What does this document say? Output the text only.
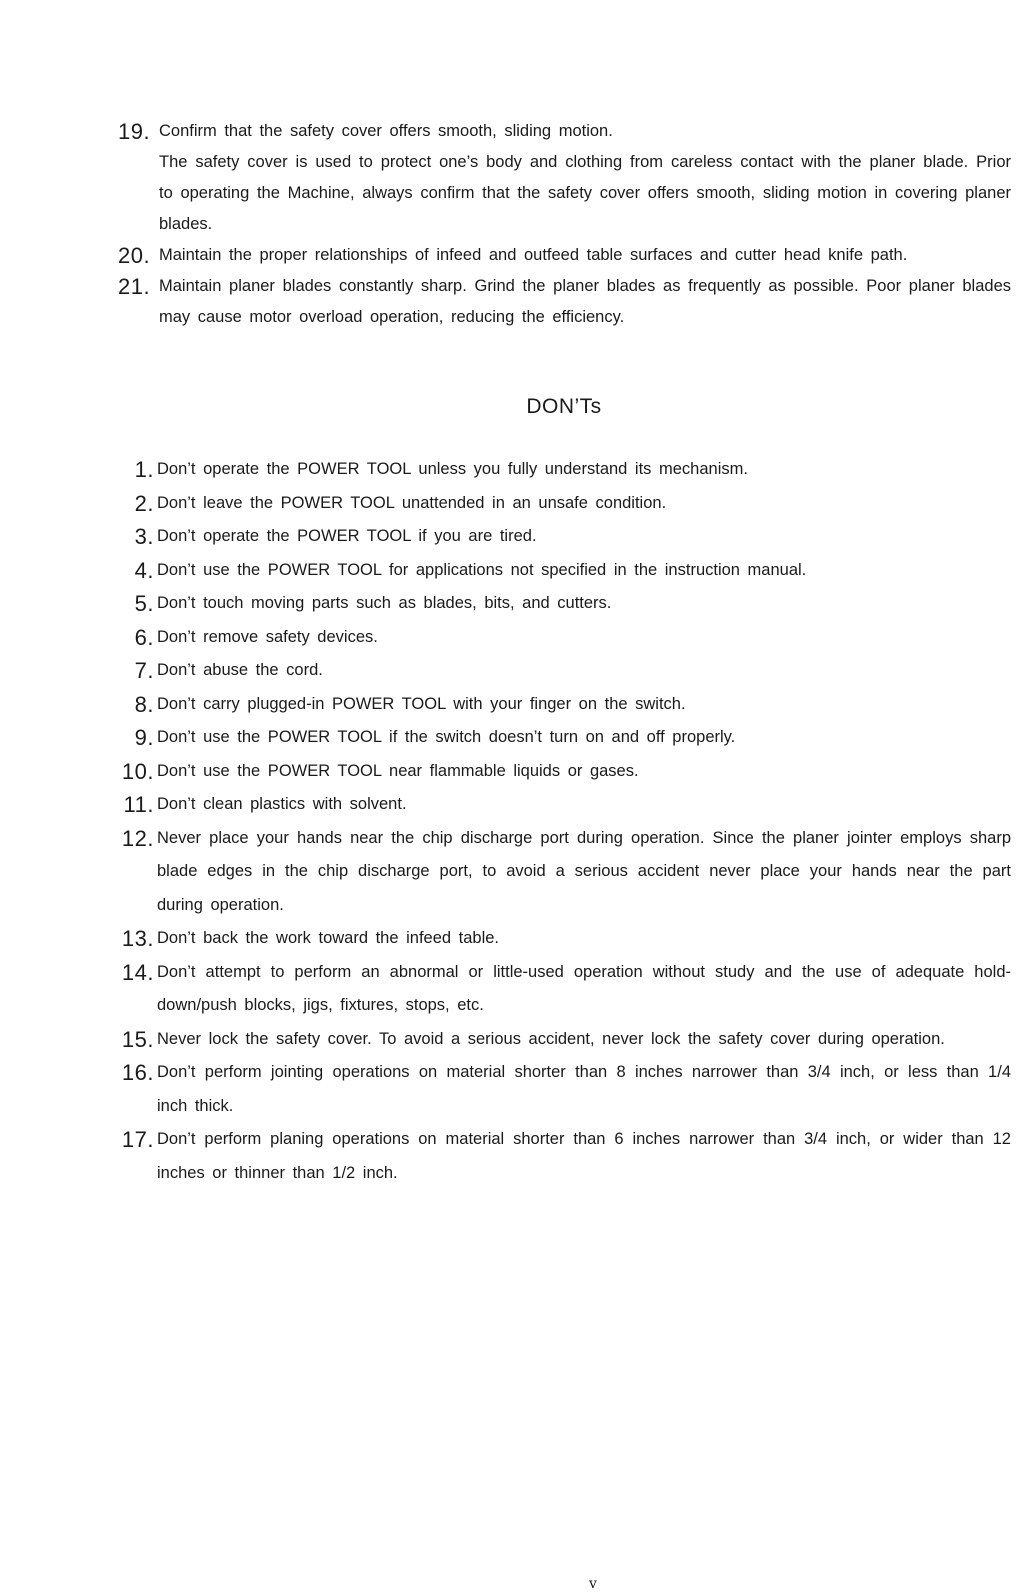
19. Confirm that the safety cover offers smooth, sliding motion.
The safety cover is used to protect one’s body and clothing from careless contact with the planer blade. Prior to operating the Machine, always confirm that the safety cover offers smooth, sliding motion in covering planer blades.
20. Maintain the proper relationships of infeed and outfeed table surfaces and cutter head knife path.
21. Maintain planer blades constantly sharp. Grind the planer blades as frequently as possible. Poor planer blades may cause motor overload operation, reducing the efficiency.
DON’Ts
1. Don’t operate the POWER TOOL unless you fully understand its mechanism.
2. Don’t leave the POWER TOOL unattended in an unsafe condition.
3. Don’t operate the POWER TOOL if you are tired.
4. Don’t use the POWER TOOL for applications not specified in the instruction manual.
5. Don’t touch moving parts such as blades, bits, and cutters.
6. Don’t remove safety devices.
7. Don’t abuse the cord.
8. Don’t carry plugged-in POWER TOOL with your finger on the switch.
9. Don’t use the POWER TOOL if the switch doesn’t turn on and off properly.
10. Don’t use the POWER TOOL near flammable liquids or gases.
11. Don’t clean plastics with solvent.
12. Never place your hands near the chip discharge port during operation. Since the planer jointer employs sharp blade edges in the chip discharge port, to avoid a serious accident never place your hands near the part during operation.
13. Don’t back the work toward the infeed table.
14. Don’t attempt to perform an abnormal or little-used operation without study and the use of adequate hold-down/push blocks, jigs, fixtures, stops, etc.
15. Never lock the safety cover. To avoid a serious accident, never lock the safety cover during operation.
16. Don’t perform jointing operations on material shorter than 8 inches narrower than 3/4 inch, or less than 1/4 inch thick.
17. Don’t perform planing operations on material shorter than 6 inches narrower than 3/4 inch, or wider than 12 inches or thinner than 1/2 inch.
v
